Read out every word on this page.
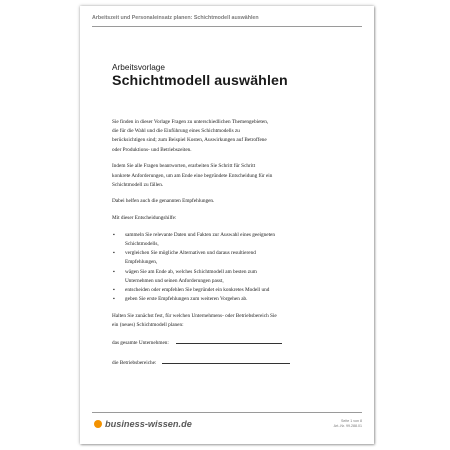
Arbeitszeit und Personaleinsatz planen: Schichtmodell auswählen
Arbeitsvorlage
Schichtmodell auswählen

Sie finden in dieser Vorlage Fragen zu unterschiedlichen Themengebieten,
die für die Wahl und die Einführung eines Schichtmodells zu
berücksichtigen sind; zum Beispiel Kosten, Auswirkungen auf Betroffene
oder Produktions- und Betriebszeiten.

Indem Sie alle Fragen beantworten, erarbeiten Sie Schritt für Schritt
konkrete Anforderungen, um am Ende eine begründete Entscheidung für ein
Schichtmodell zu fällen.

Dabei helfen auch die genannten Empfehlungen.

Mit dieser Entscheidungshilfe:

▪ sammeln Sie relevante Daten und Fakten zur Auswahl eines geeigneten
Schichtmodells,
▪ vergleichen Sie mögliche Alternativen und daraus resultierend
Empfehlungen,
▪ wägen Sie am Ende ab, welches Schichtmodell am besten zum
Unternehmen und seinen Anforderungen passt,
▪ entscheiden oder empfehlen Sie begründet ein konkretes Modell und
▪ geben Sie erste Empfehlungen zum weiteren Vorgehen ab.

Halten Sie zunächst fest, für welchen Unternehmens- oder Betriebsbereich Sie
ein (neues) Schichtmodell planen:

das gesamte Unternehmen:
die Betriebsbereiche:
business-wissen.de	Seite 1 von 8
Art.-Nr. 99.288.01
